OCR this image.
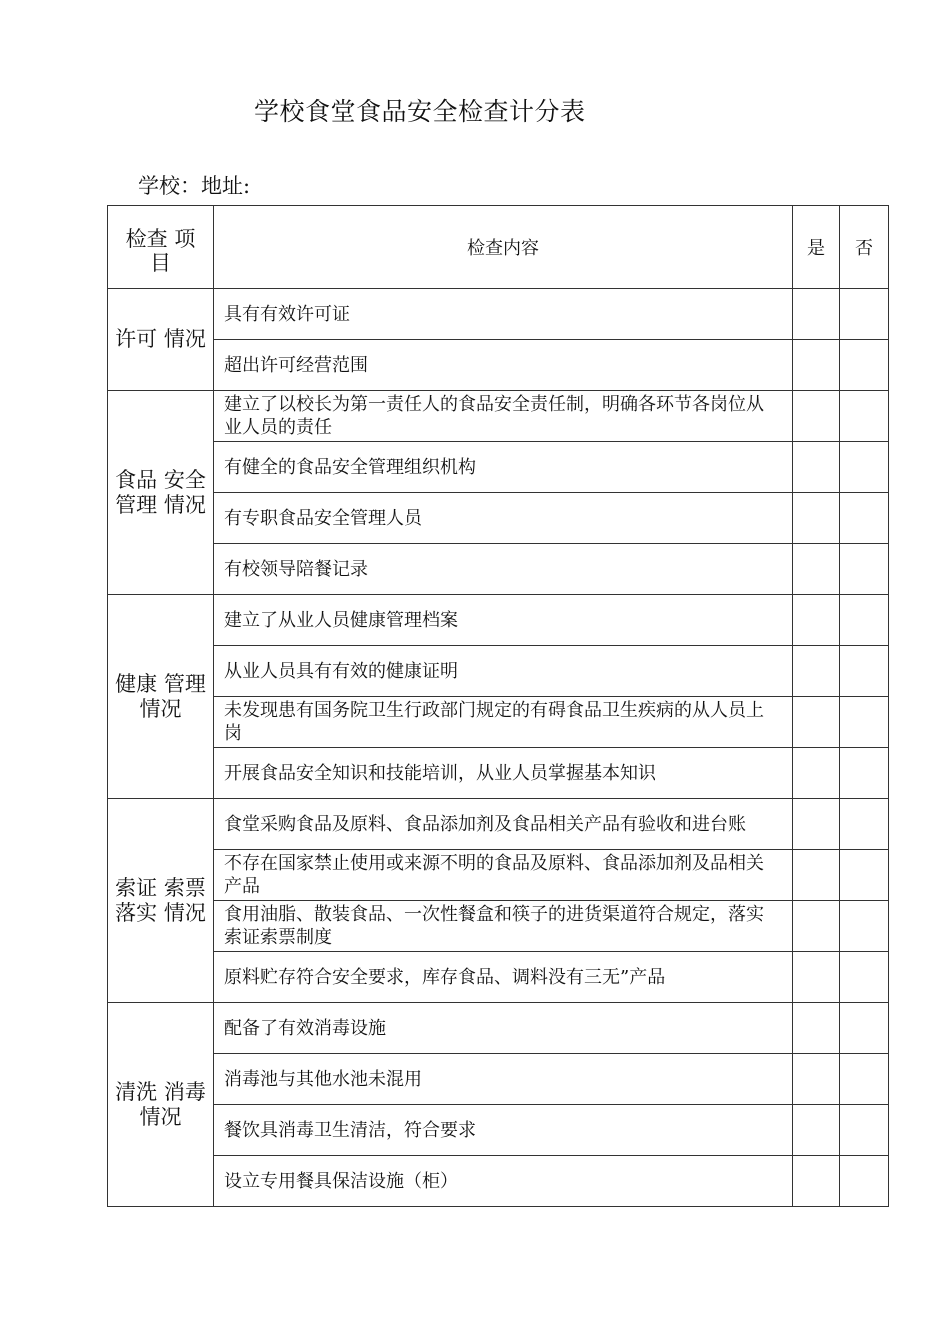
学校食堂食品安全检查计分表
学校：地址:
检查 项目	检查内容	是	否

许可 情况	具有有效许可证		
	超出许可经营范围		

食品 安全 管理 情况	建立了以校长为第一责任人的食品安全责任制，明确各环节各岗位从业人员的责任		
	有健全的食品安全管理组织机构		
	有专职食品安全管理人员		
	有校领导陪餐记录		

健康 管理 情况	建立了从业人员健康管理档案		
	从业人员具有有效的健康证明		
	未发现患有国务院卫生行政部门规定的有碍食品卫生疾病的从人员上岗		
	开展食品安全知识和技能培训，从业人员掌握基本知识		

索证 索票 落实 情况	食堂采购食品及原料、食品添加剂及食品相关产品有验收和进台账		
	不存在国家禁止使用或来源不明的食品及原料、食品添加剂及品相关产品		
	食用油脂、散装食品、一次性餐盒和筷子的进货渠道符合规定，落实索证索票制度		
	原料贮存符合安全要求，库存食品、调料没有三无”产品		

清洗 消毒 情况	配备了有效消毒设施		
	消毒池与其他水池未混用		
	餐饮具消毒卫生清洁，符合要求		
	设立专用餐具保洁设施（柜）		
